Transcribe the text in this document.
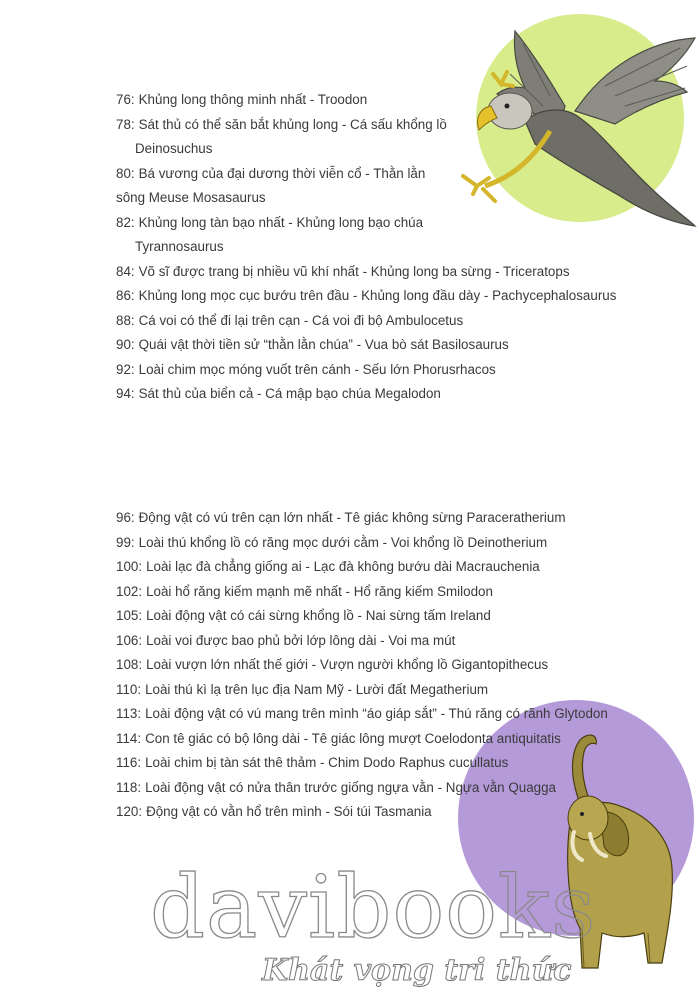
76: Khủng long thông minh nhất - Troodon
78: Sát thủ có thể săn bắt khủng long - Cá sấu khổng lồ
Deinosuchus
80: Bá vương của đại dương thời viễn cổ - Thằn lằn
sông Meuse Mosasaurus
82: Khủng long tàn bạo nhất - Khủng long bạo chúa
Tyrannosaurus
84: Võ sĩ được trang bị nhiều vũ khí nhất - Khủng long ba sừng - Triceratops
86: Khủng long mọc cục bướu trên đầu - Khủng long đầu dày - Pachycephalosaurus
88: Cá voi có thể đi lại trên cạn - Cá voi đi bộ Ambulocetus
90: Quái vật thời tiền sử “thằn lằn chúa” - Vua bò sát Basilosaurus
92: Loài chim mọc móng vuốt trên cánh - Sếu lớn Phorusrhacos
94: Sát thủ của biển cả - Cá mập bạo chúa Megalodon
96: Động vật có vú trên cạn lớn nhất - Tê giác không sừng Paraceratherium
99: Loài thú khổng lồ có răng mọc dưới cằm - Voi khổng lồ Deinotherium
100: Loài lạc đà chẳng giống ai - Lạc đà không bướu dài Macrauchenia
102: Loài hổ răng kiếm mạnh mẽ nhất - Hổ răng kiếm Smilodon
105: Loài động vật có cái sừng khổng lồ - Nai sừng tấm Ireland
106: Loài voi được bao phủ bởi lớp lông dài - Voi ma mút
108: Loài vượn lớn nhất thế giới - Vượn người khổng lồ Gigantopithecus
110: Loài thú kì lạ trên lục địa Nam Mỹ - Lười đất Megatherium
113: Loài động vật có vú mang trên mình “áo giáp sắt” - Thú răng có rãnh Glytodon
114: Con tê giác có bộ lông dài - Tê giác lông mượt Coelodonta antiquitatis
116: Loài chim bị tàn sát thê thảm - Chim Dodo Raphus cucullatus
118: Loài động vật có nửa thân trước giống ngựa vằn - Ngựa vằn Quagga
120: Động vật có vằn hổ trên mình - Sói túi Tasmania
davibooks
Khát vọng tri thức
